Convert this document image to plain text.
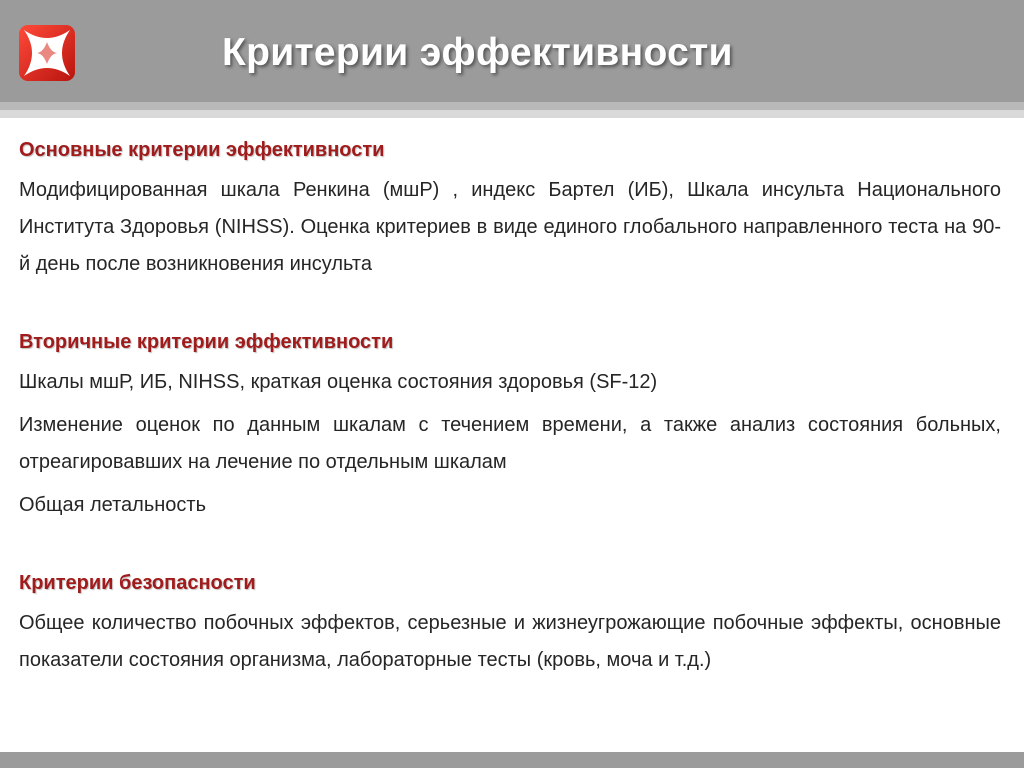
Критерии эффективности

Основные критерии эффективности

Модифицированная шкала Ренкина (мшР) , индекс Бартел (ИБ), Шкала инсульта Национального Института Здоровья (NIHSS). Оценка критериев в виде единого глобального направленного теста на 90-й день после возникновения инсульта

Вторичные критерии эффективности

Шкалы мшР, ИБ, NIHSS, краткая оценка состояния здоровья (SF-12)

Изменение оценок по данным шкалам с течением времени, а также анализ состояния больных, отреагировавших на лечение по отдельным шкалам

Общая летальность

Критерии безопасности

Общее количество побочных эффектов, серьезные и жизнеугрожающие побочные эффекты, основные показатели состояния организма, лабораторные тесты (кровь, моча и т.д.)
